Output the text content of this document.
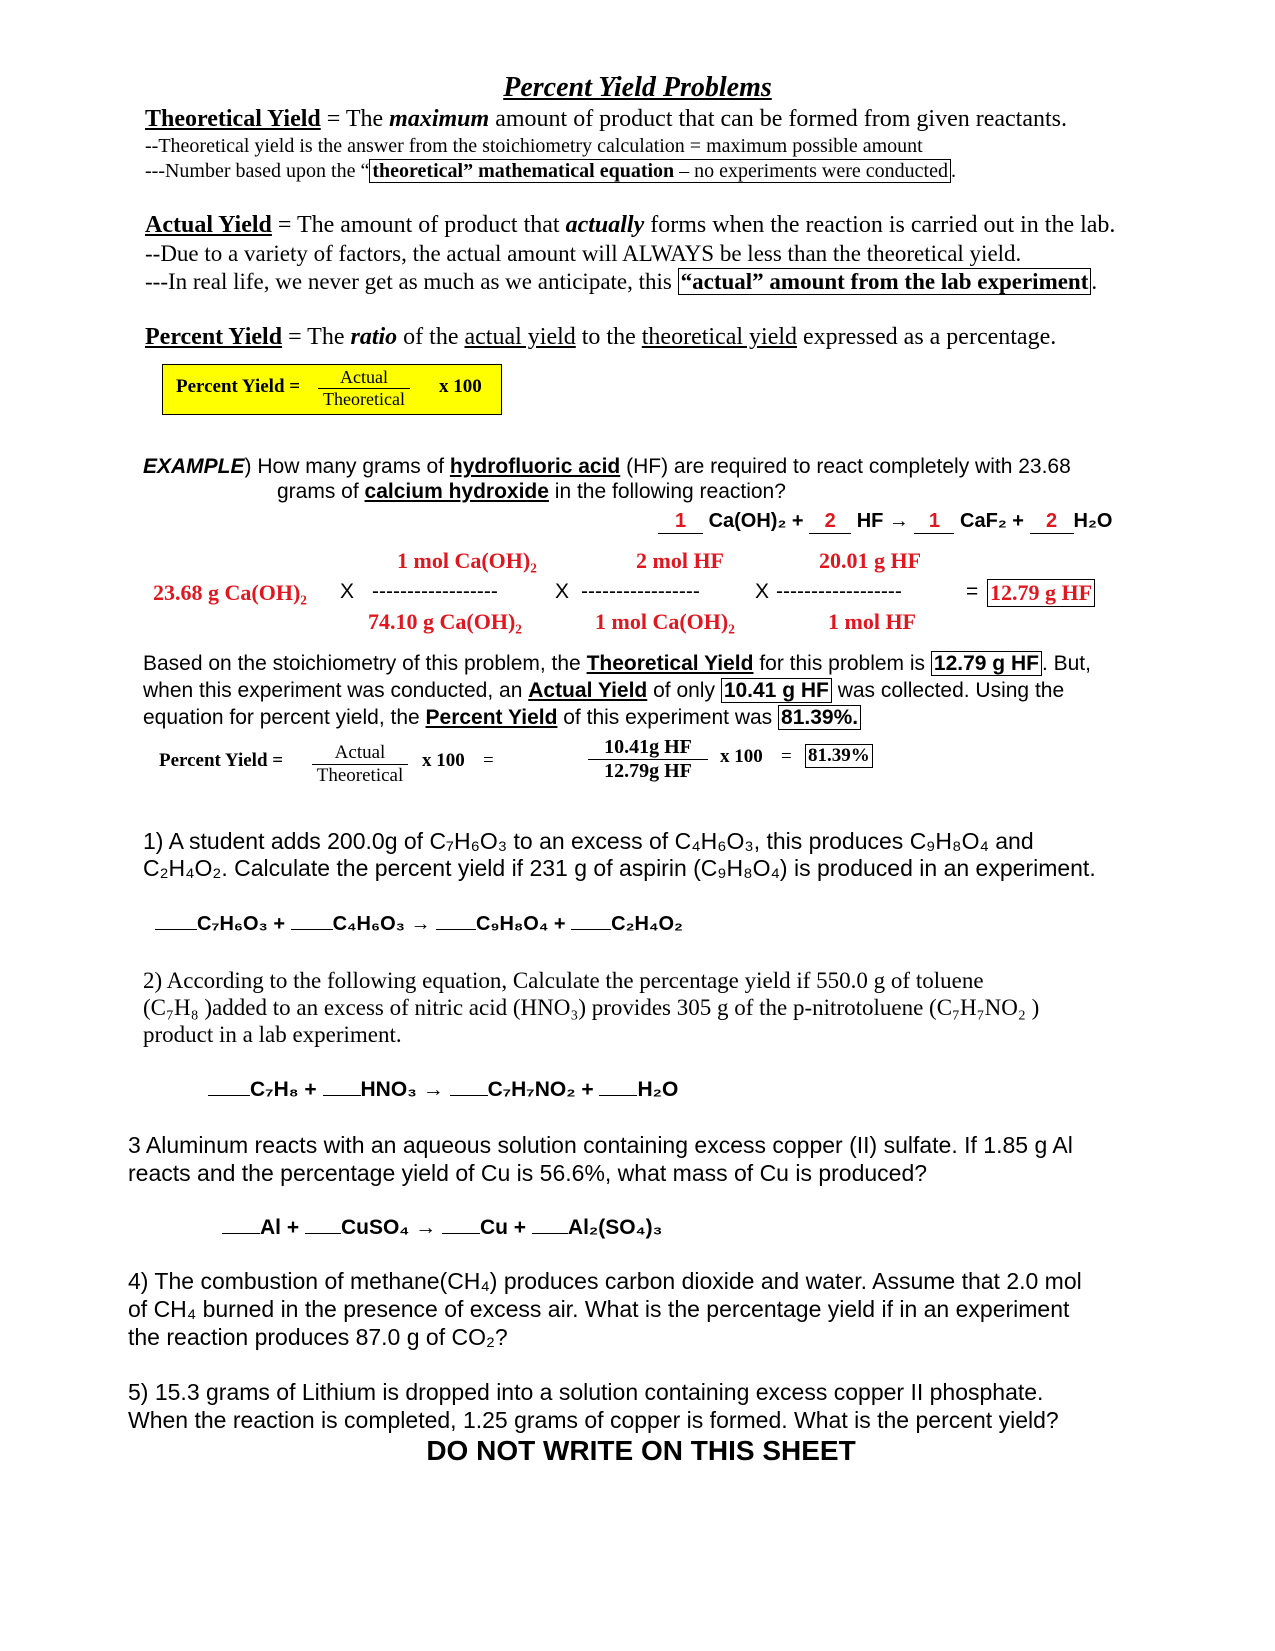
Percent Yield Problems
Theoretical Yield = The maximum amount of product that can be formed from given reactants.
--Theoretical yield is the answer from the stoichiometry calculation = maximum possible amount
---Number based upon the “ theoretical” mathematical equation – no experiments were conducted .
Actual Yield = The amount of product that actually forms when the reaction is carried out in the lab.
--Due to a variety of factors, the actual amount will ALWAYS be less than the theoretical yield.
---In real life, we never get as much as we anticipate, this “actual” amount from the lab experiment .
Percent Yield = The ratio of the actual yield to the theoretical yield expressed as a percentage.
Percent Yield =	Actual
Theoretical
x 100
EXAMPLE) How many grams of hydrofluoric acid (HF) are required to react completely with 23.68
grams of calcium hydroxide in the following reaction?
1 Ca(OH)₂ + 2 HF → 1 CaF₂ + 2 H₂O
1 mol Ca(OH)₂	2 mol HF	20.01 g HF
23.68 g Ca(OH)₂ X ------------------	X -----------------	X ------------------	= 12.79 g HF
74.10 g Ca(OH)₂	1 mol Ca(OH)₂	1 mol HF
Based on the stoichiometry of this problem, the Theoretical Yield for this problem is 12.79 g HF . But,
when this experiment was conducted, an Actual Yield of only 10.41 g HF was collected. Using the
equation for percent yield, the Percent Yield of this experiment was 81.39%.
Percent Yield =	Actual
Theoretical
x 100 =	$\frac{\text{10.41g HF}}{\text{12.79g HF}}$ x 100 = 81.39%
1) A student adds 200.0g of C₇H₆O₃ to an excess of C₄H₆O₃, this produces C₉H₈O₄ and
C₂H₄O₂. Calculate the percent yield if 231 g of aspirin (C₉H₈O₄) is produced in an experiment.
C₇H₆O₃ + C₄H₆O₃ → C₉H₈O₄ + C₂H₄O₂
2) According to the following equation, Calculate the percentage yield if 550.0 g of toluene
(C₇H₈ )added to an excess of nitric acid (HNO₃) provides 305 g of the p-nitrotoluene (C₇H₇NO₂ )
product in a lab experiment.
C₇H₈ + HNO₃ → C₇H₇NO₂ + H₂O
3 Aluminum reacts with an aqueous solution containing excess copper (II) sulfate. If 1.85 g Al
reacts and the percentage yield of Cu is 56.6%, what mass of Cu is produced?
Al + CuSO₄ → Cu + Al₂(SO₄)₃
4) The combustion of methane(CH₄) produces carbon dioxide and water. Assume that 2.0 mol
of CH₄ burned in the presence of excess air. What is the percentage yield if in an experiment
the reaction produces 87.0 g of CO₂?
5) 15.3 grams of Lithium is dropped into a solution containing excess copper II phosphate.
When the reaction is completed, 1.25 grams of copper is formed. What is the percent yield?
DO NOT WRITE ON THIS SHEET
